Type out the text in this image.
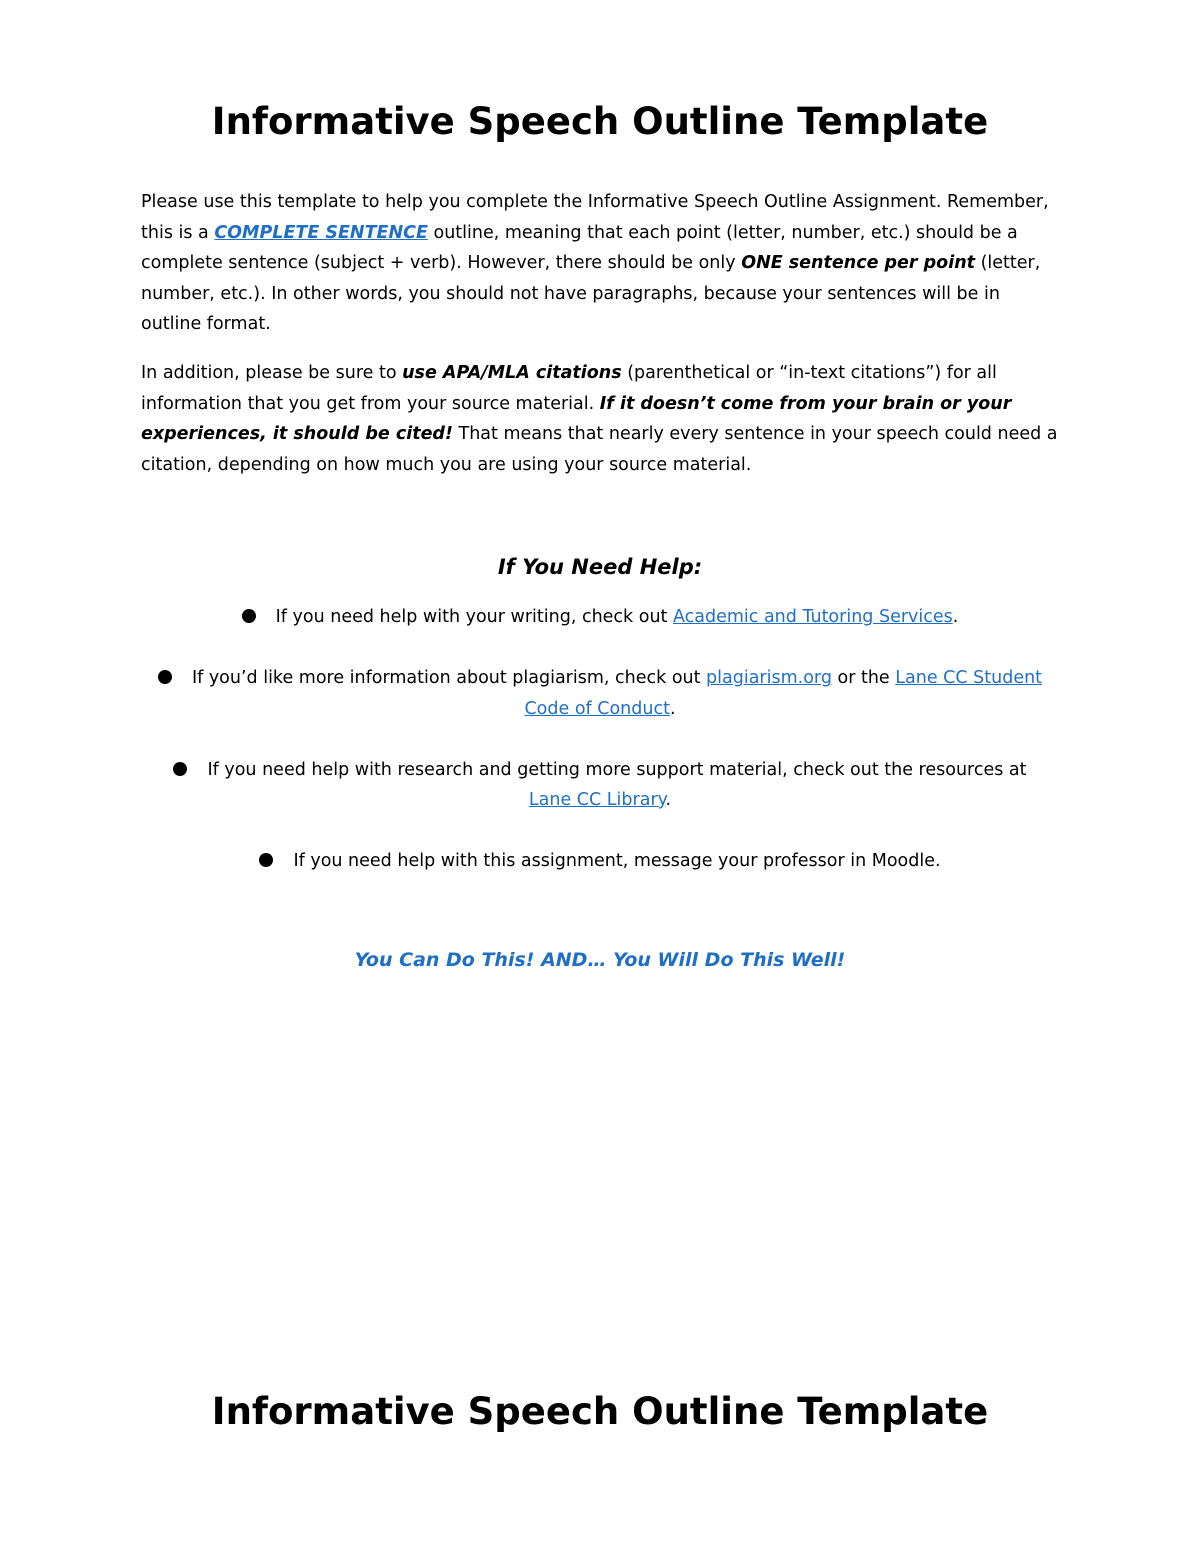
Informative Speech Outline Template

Please use this template to help you complete the Informative Speech Outline Assignment. Remember, this is a COMPLETE SENTENCE outline, meaning that each point (letter, number, etc.) should be a complete sentence (subject + verb). However, there should be only ONE sentence per point (letter, number, etc.). In other words, you should not have paragraphs, because your sentences will be in outline format.

In addition, please be sure to use APA/MLA citations (parenthetical or “in-text citations”) for all information that you get from your source material. If it doesn’t come from your brain or your experiences, it should be cited! That means that nearly every sentence in your speech could need a citation, depending on how much you are using your source material.

If You Need Help:
If you need help with your writing, check out Academic and Tutoring Services.
If you’d like more information about plagiarism, check out plagiarism.org or the Lane CC Student Code of Conduct.
If you need help with research and getting more support material, check out the resources at Lane CC Library.
If you need help with this assignment, message your professor in Moodle.

You Can Do This! AND… You Will Do This Well!

Informative Speech Outline Template
